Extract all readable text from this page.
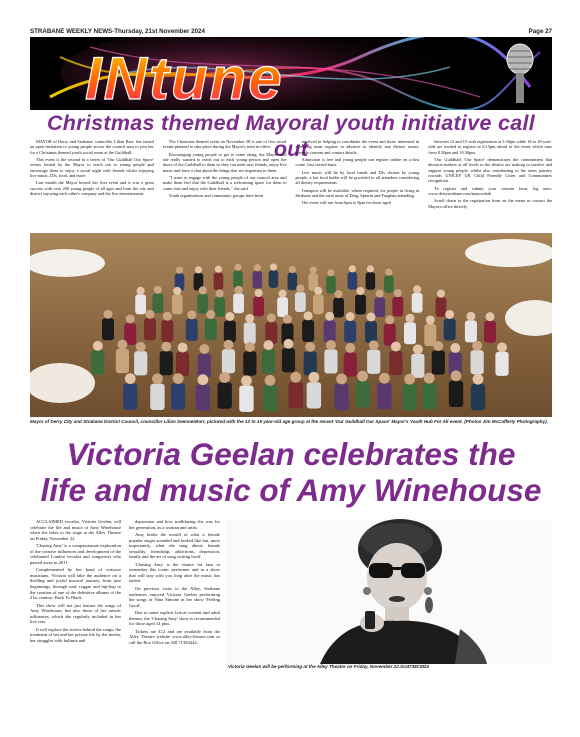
STRABANE WEEKLY NEWS-Thursday, 21st November 2024	Page 27
INtune
Christmas themed Mayoral youth initiative call out

MAYOR of Derry and Strabane, councillor Lilian Barr, has issued an open invitation to young people across the council area to join her for a Christmas themed youth social event at the Guildhall.

This event is the second in a series of 'Our Guildhall Our Space' events hosted by the Mayor to reach out to young people and encourage them to enjoy a social night with friends whilst enjoying live music, DJs, food, and more.

Last month the Mayor hosted her first event and it was a great success with over 200 young people of all ages and from the city and district enjoying each other's company and the live entertainment.

The Christmas themed event on November 28 is one of five social events planned to take place during the Mayor's term in office.

Encouraging young people to get to come along, the Mayor said she really wanted to reach out to each young person and open the doors of the Guildhall to them so they can meet new friends, enjoy live music and have a chat about the things that are important to them.

"I want to engage with the young people of our council area and make them feel that the Guildhall is a welcoming space for them to come visit and enjoy with their friends," she said.

Youth organisations and community groups have been

involved in helping to coordinate the event and those interested in attending must register in advance to identify any dietary issues, provide consent and contact details.

Admission is free and young people can register online on a first come, first served basis.

Live music will be by local bands and DJs chosen by young people, a hot food buffet will be provided to all attendees considering all dietary requirements.

Transport will be available, where required, for people in living in Strabane and the rural areas of Derg, Sperrin and Faughan attending.

The event will run from 6pm to 8pm for those aged

between 12 and 15 with registration at 5.30pm while 16 to 20-year-olds are invited to register at 8.15pm ahead of the event which runs from 8.30pm and 10.30pm.

'Our Guildhall, Our Space' demonstrates the commitment that decision makers at all levels in the district are making to involve and support young people, whilst also contributing to the areas journey towards UNICEF UK Child Friendly Cities and Communities recognition.

To register and submit your consent form, log onto: www.derrystrabane.com/mayorshub

Scroll down to the registration form on the menu or contact the Mayors office directly.

Mayor of Derry City and Strabane District Council, councillor Lilian SeenoerBarr, pictured with the 12 to 15 year-old age group at the recent 'Our Guildhall Our Space' Mayor's Youth Hub For All event. (Photos Jim McCafferty Photography).
Victoria Geelan celebrates the
life and music of Amy Winehouse

ACCLAIMED vocalist, Victoria Geelan, will celebrate the life and music of Amy Winehouse when she takes to the stage at the Alley Theatre on Friday, November 22.

'Chasing Amy' is a compassionate exploration of the creative influences and development of the celebrated London vocalist and songwriter who passed away in 2011.

Complemented by her band of virtuoso musicians, Victoria will take the audience on a thrilling and joyful musical journey, from jazz beginnings, through soul, reggae and hip-hop to the creation of one of the definitive albums of the 21st century: Back To Black.

This show will not just feature the songs of Amy Winehouse, but also those of her artistic influences, which she regularly included in her live sets.

It will explore the stories behind the songs, the treatment of her and her private life by the media, her struggles with bulimia and

depression and how trailblazing she was for her generation, as a woman and artist.

Amy broke the mould of what a female popular singer sounded and looked like but, more importantly, what she sang about: female sexuality, friendship, addictions, depression, family and the art of song writing itself.

'Chasing Amy' is the chance for fans to remember this iconic performer and in a show that will stay with you long after the music has ended.

On previous visits to the Alley, Strabane audiences enjoyed Victoria Geelan performing the songs of Nina Simone in her show 'Feeling Good'.

Due to some explicit lyrical content and adult themes, the 'Chasing Amy' show is recommended for those aged 14 plus.

Tickets are £12 and are available from the Alley Theatre website www.alley-theatre.com or call the Box Office on 028 71384444.

Victoria Geelan will be performing at the Alley Theatre on Friday, November 22.SU4738CM24
